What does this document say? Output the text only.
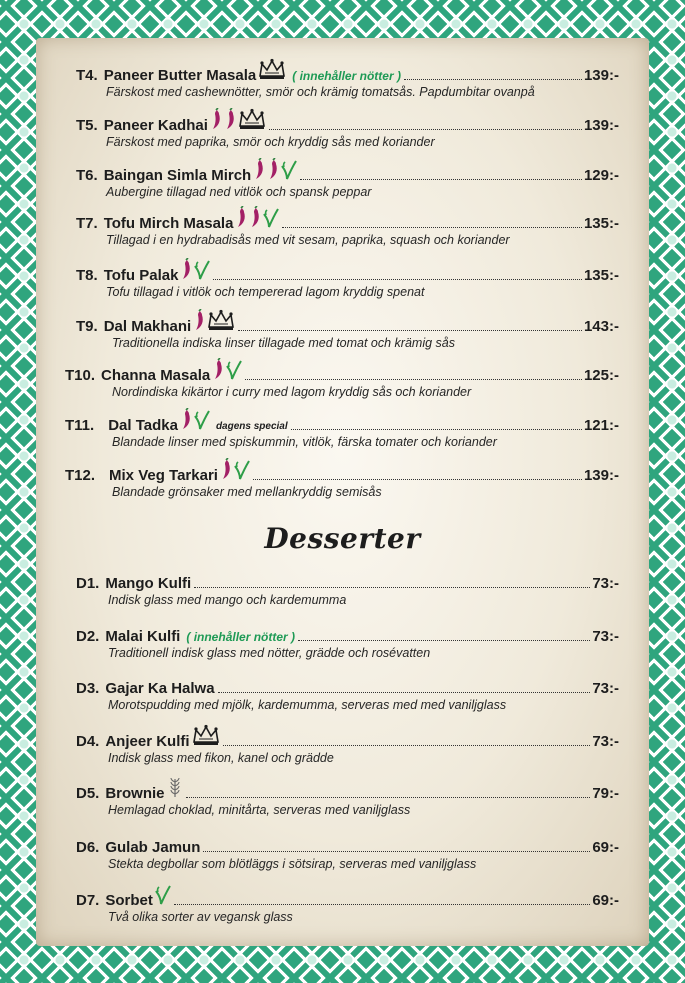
T4. Paneer Butter Masala	( innehåller nötter )	139:-
Färskost med cashewnötter, smör och krämig tomatsås. Papdumbitar ovanpå
T5. Paneer Kadhai	139:-
Färskost med paprika, smör och kryddig sås med koriander
T6. Baingan Simla Mirch	129:-
Aubergine tillagad ned vitlök och spansk peppar
T7. Tofu Mirch Masala	135:-
Tillagad i en hydrabadisås med vit sesam, paprika, squash och koriander
T8. Tofu Palak	135:-
Tofu tillagad i vitlök och tempererad lagom kryddig spenat
T9. Dal Makhani	143:-
Traditionella indiska linser tillagade med tomat och krämig sås
T10. Channa Masala	125:-
Nordindiska kikärtor i curry med lagom kryddig sås och koriander
T11. Dal Tadka	dagens special	121:-
Blandade linser med spiskummin, vitlök, färska tomater och koriander
T12. Mix Veg Tarkari	139:-
Blandade grönsaker med mellankryddig semisås
Desserter
D1. Mango Kulfi	73:-
Indisk glass med mango och kardemumma
D2. Malai Kulfi ( innehåller nötter )	73:-
Traditionell indisk glass med nötter, grädde och rosévatten
D3. Gajar Ka Halwa	73:-
Morotspudding med mjölk, kardemumma, serveras med med vaniljglass
D4. Anjeer Kulfi	73:-
Indisk glass med fikon, kanel och grädde
D5. Brownie	79:-
Hemlagad choklad, minitårta, serveras med vaniljglass
D6. Gulab Jamun	69:-
Stekta degbollar som blötläggs i sötsirap, serveras med vaniljglass
D7. Sorbet	69:-
Två olika sorter av vegansk glass
